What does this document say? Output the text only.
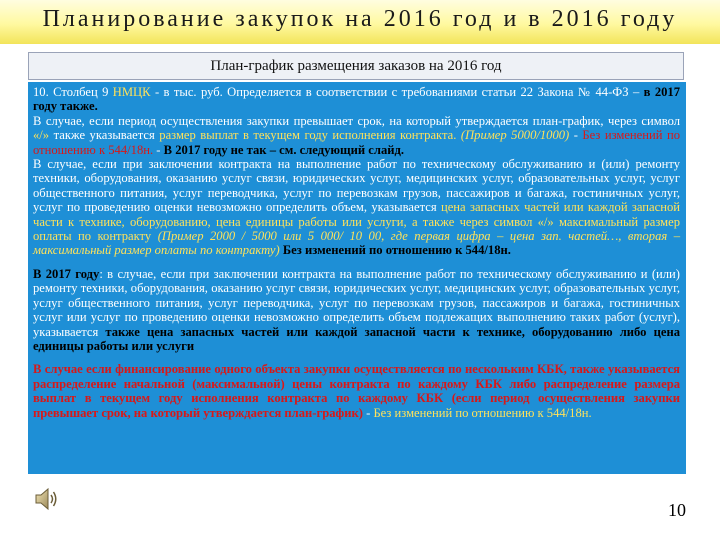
Планирование закупок на 2016 год и в 2016 году
План-график размещения заказов на 2016 год

10. Столбец 9 НМЦК - в тыс. руб. Определяется в соответствии с требованиями статьи 22 Закона № 44-ФЗ – в 2017 году также.
В случае, если период осуществления закупки превышает срок, на который утверждается план-график, через символ «/» также указывается размер выплат в текущем году исполнения контракта. (Пример 5000/1000) - Без изменений по отношению к 544/18н. - В 2017 году не так – см. следующий слайд.
В случае, если при заключении контракта на выполнение работ по техническому обслуживанию и (или) ремонту техники, оборудования, оказанию услуг связи, юридических услуг, медицинских услуг, образовательных услуг, услуг общественного питания, услуг переводчика, услуг по перевозкам грузов, пассажиров и багажа, гостиничных услуг, услуг по проведению оценки невозможно определить объем, указывается цена запасных частей или каждой запасной части к технике, оборудованию, цена единицы работы или услуги, а также через символ «/» максимальный размер оплаты по контракту (Пример 2000 / 5000 или 5 000/ 10 00, где первая цифра – цена зап. частей…, вторая – максимальный размер оплаты по контракту) Без изменений по отношению к 544/18н.

В 2017 году: в случае, если при заключении контракта на выполнение работ по техническому обслуживанию и (или) ремонту техники, оборудования, оказанию услуг связи, юридических услуг, медицинских услуг, образовательных услуг, услуг общественного питания, услуг переводчика, услуг по перевозкам грузов, пассажиров и багажа, гостиничных услуг или услуг по проведению оценки невозможно определить объем подлежащих выполнению таких работ (услуг), указывается также цена запасных частей или каждой запасной части к технике, оборудованию либо цена единицы работы или услуги

В случае если финансирование одного объекта закупки осуществляется по нескольким КБК, также указывается распределение начальной (максимальной) цены контракта по каждому КБК либо распределение размера выплат в текущем году исполнения контракта по каждому КБК (если период осуществления закупки превышает срок, на который утверждается план-график) - Без изменений по отношению к 544/18н.

10
